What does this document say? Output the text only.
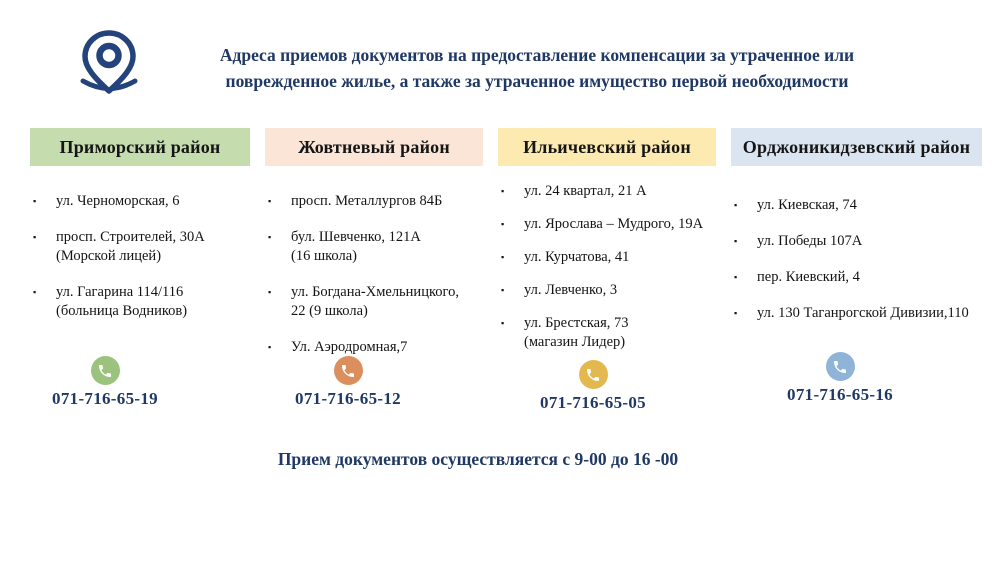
Адреса приемов документов на предоставление компенсации за утраченное или
поврежденное жилье, а также за утраченное имущество первой необходимости
Приморский район
▪ ул. Черноморская, 6
▪ просп. Строителей, 30А
(Морской лицей)
▪ ул. Гагарина 114/116
(больница Водников)
071-716-65-19
Жовтневый район
▪ просп. Металлургов 84Б
▪ бул. Шевченко, 121А
(16 школа)
▪ ул. Богдана-Хмельницкого,
22 (9 школа)
▪ Ул. Аэродромная,7
071-716-65-12
Ильичевский район
▪ ул. 24 квартал, 21 А
▪ ул. Ярослава – Мудрого, 19А
▪ ул. Курчатова, 41
▪ ул. Левченко, 3
▪ ул. Брестская, 73
(магазин Лидер)
071-716-65-05
Орджоникидзевский район
▪ ул. Киевская, 74
▪ ул. Победы 107А
▪ пер. Киевский, 4
▪ ул. 130 Таганрогской Дивизии,110
071-716-65-16
Прием документов осуществляется с 9-00 до 16 -00
